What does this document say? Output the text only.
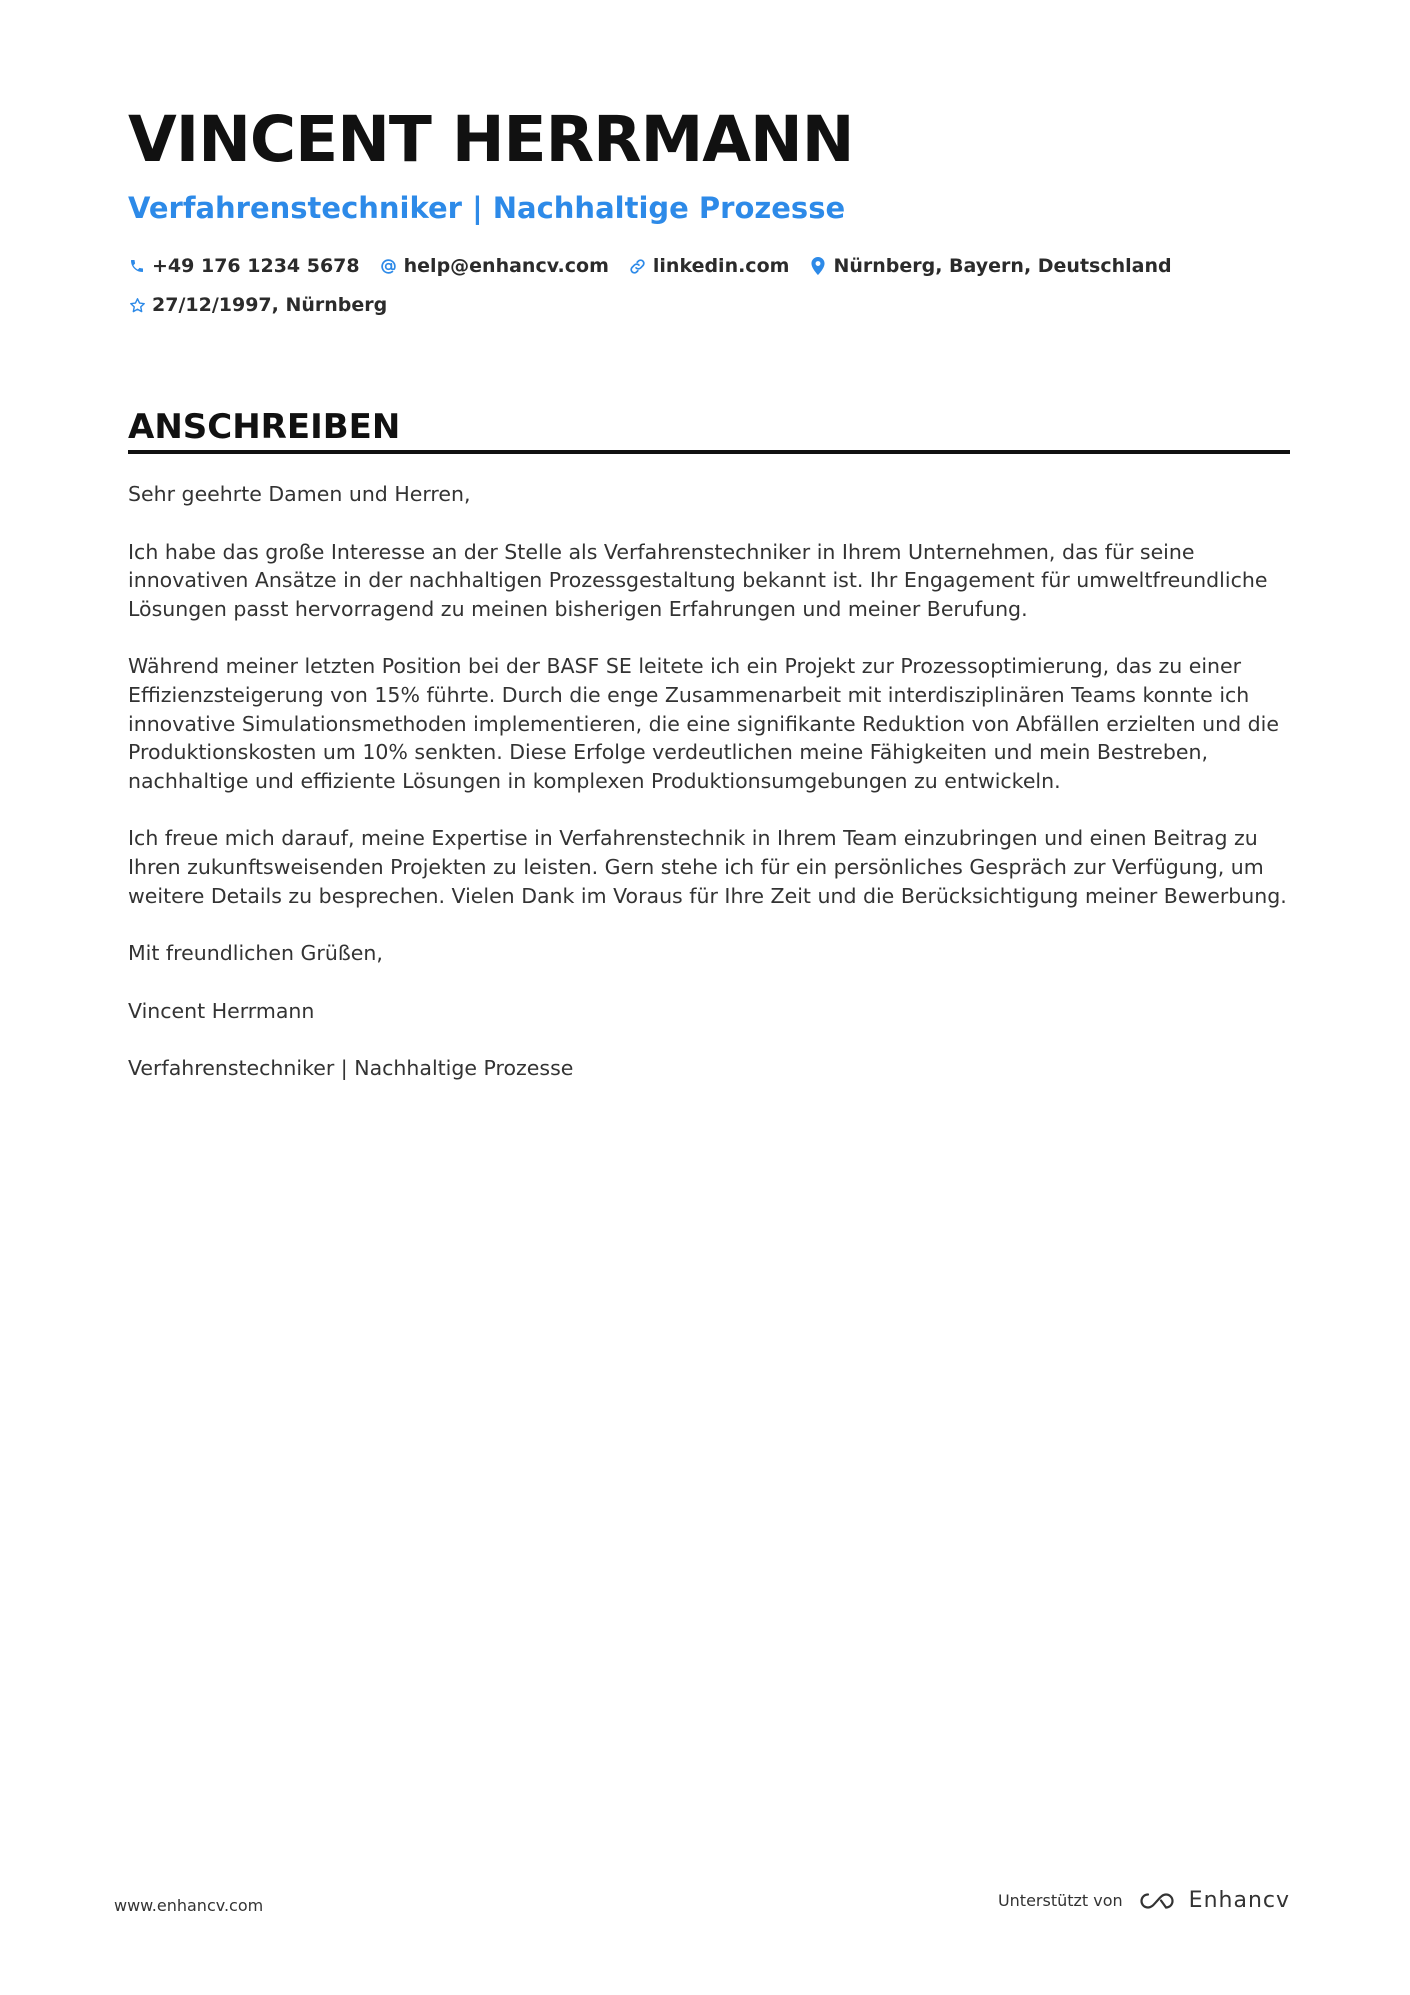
VINCENT HERRMANN
Verfahrenstechniker | Nachhaltige Prozesse
+49 176 1234 5678 help@enhancv.com linkedin.com Nürnberg, Bayern, Deutschland
27/12/1997, Nürnberg
ANSCHREIBEN

Sehr geehrte Damen und Herren,

Ich habe das große Interesse an der Stelle als Verfahrenstechniker in Ihrem Unternehmen, das für seine innovativen Ansätze in der nachhaltigen Prozessgestaltung bekannt ist. Ihr Engagement für umweltfreundliche Lösungen passt hervorragend zu meinen bisherigen Erfahrungen und meiner Berufung.

Während meiner letzten Position bei der BASF SE leitete ich ein Projekt zur Prozessoptimierung, das zu einer Effizienzsteigerung von 15% führte. Durch die enge Zusammenarbeit mit interdisziplinären Teams konnte ich innovative Simulationsmethoden implementieren, die eine signifikante Reduktion von Abfällen erzielten und die Produktionskosten um 10% senkten. Diese Erfolge verdeutlichen meine Fähigkeiten und mein Bestreben, nachhaltige und effiziente Lösungen in komplexen Produktionsumgebungen zu entwickeln.

Ich freue mich darauf, meine Expertise in Verfahrenstechnik in Ihrem Team einzubringen und einen Beitrag zu Ihren zukunftsweisenden Projekten zu leisten. Gern stehe ich für ein persönliches Gespräch zur Verfügung, um weitere Details zu besprechen. Vielen Dank im Voraus für Ihre Zeit und die Berücksichtigung meiner Bewerbung.

Mit freundlichen Grüßen,

Vincent Herrmann

Verfahrenstechniker | Nachhaltige Prozesse

www.enhancv.com	Unterstützt von	Enhancv
